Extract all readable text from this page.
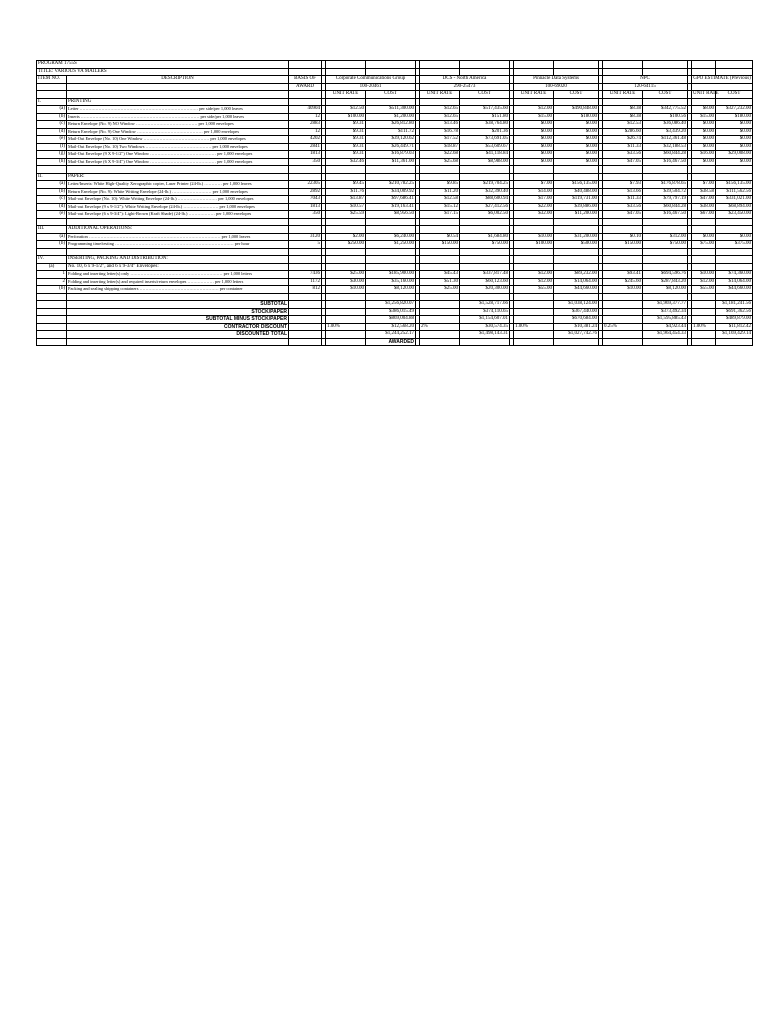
PROGRAM 1755S																	
TITLE: VARIOUS VA MAILERS																	
ITEM NO.	DESCRIPTION	BASIS OF		Corporate Communications Group			DCS - North America			Pinnacle Data Systems			NPC			GPO ESTIMATE (Previous)	
		AWARD		100-20461			290-25473			100-69020			120-64115				
				UNIT RATE	COST		UNIT RATE	COST		UNIT RATE	COST		UNIT RATE	COST		UNIT RATE	COST
I.	PRINTING																
(a)	Letter ……………………………………………………………………… per side/per 1,000 leaves	40904		$12.50	$511,300.00		$12.65	$517,435.60		$12.00	$490,848.00		$8.38	$342,775.52		$8.00	$327,232.00
(b)	Inserts ……………………………………………………………………… per side/per 1,000 leaves	12		$100.00	$1,200.00		$12.65	$151.80		$15.00	$180.00		$8.38	$100.56		$15.00	$180.00
(c)	Return Envelope (No. 9) NO Window …………………………………… per 1,000 envelopes	2883		$9.31	$26,812.80		$13.46	$38,764.80		$0.00	$0.00		$12.53	$36,086.40		$0.00	$0.00
(d)	Return Envelope (No. 9) One Window ……………………………………… per 1,000 envelopes	12		$9.31	$111.72		$16.78	$201.36		$0.00	$0.00		$286.60	$3,439.20		$0.00	$0.00
(e)	Mail-Out Envelope (No. 10) One Window ……………………………………… per 1,000 envelopes	4202		$9.31	$39,120.62		$17.52	$73,691.05		$0.00	$0.00		$26.74	$112,361.48		$0.00	$0.00
(f)	Mail-Out Envelope (No. 10) Two Windows ……………………………………… per 1,000 envelopes	2841		$9.31	$26,449.71		$18.87	$53,609.67		$0.00	$0.00		$11.33	$32,188.53		$0.00	$0.00
(g)	Mail-Out Envelope (9 X 9-1/2") One Window ……………………………………… per 1,000 envelopes	1813		$9.31	$16,879.03		$22.68	$41,118.84		$0.00	$0.00		$33.56	$60,844.28		$16.00	$29,008.00
(h)	Mail-Out Envelope (6 X 9-3/4") One Window ……………………………………… per 1,000 envelopes	350		$32.46	$11,361.00		$25.68	$8,988.00		$0.00	$0.00		$47.05	$16,467.50		$0.00	$0.00

II.	PAPER:																
(a)	Letter/Inserts: White High-Quality Xerographic copier, Laser Printer (24-lb.) ………… per 1,000 leaves	22305		$9.45	$210,782.25		$9.85	$219,704.25		$7.00	$156,135.00		$7.93	$176,878.65		$7.00	$156,135.00
(b)	Return Envelope (No. 9): White Writing Envelope (24-lb.) ……………………… per 1,000 envelopes	2892		$11.76	$34,009.92		$11.20	$32,390.40		$14.00	$40,488.00		$13.66	$39,504.72		$38.58	$111,562.56
(c)	Mail-out Envelope (No. 10): White Writing Envelope (24-lb.) ……………………… per 1,000 envelopes	7043		$13.87	$97,686.41		$12.58	$88,600.94		$17.00	$119,731.00		$11.33	$79,797.19		$47.00	$331,021.00
(d)	Mail-out Envelope (9 x 9-1/2"): White Writing Envelope (24-lb.) …………………… per 1,000 envelopes	1813		$10.57	$19,163.41		$15.12	$27,412.56		$22.00	$39,886.00		$33.56	$60,844.28		$38.00	$68,894.00
(e)	Mail-out Envelope (6 x 9-3/4"): Light-Brown (Kraft Shade) (24-lb.) ……………… per 1,000 envelopes	350		$25.59	$8,956.50		$17.15	$6,002.50		$32.00	$11,200.00		$47.05	$16,467.50		$67.00	$23,450.00

III.	ADDITIONAL OPERATIONS:																
(a)	Perforation ……………………………………………………………………………… per 1,000 leaves	3120		$2.00	$6,240.00		$0.54	$1,684.80		$10.00	$31,200.00		$0.10	$312.00		$0.00	$0.00
(b)	Programming time/testing ……………………………………………………………………… per hour	5		$250.00	$1,250.00		$150.00	$750.00		$100.00	$500.00		$150.00	$750.00		$75.00	$375.00

IV.	INSERTING, PACKING AND DISTRIBUTION:																
(a)	No. 10, 6 x 9-1/2", and 6 x 9-3/4" Envelopes:																
1	Folding and inserting letter(s) only ……………………………………………………… per 1,000 letters	7436		$25.00	$185,900.00		$45.43	$337,817.48		$12.00	$89,232.00		$93.41	$694,596.76		$10.00	$74,360.00
2	Folding and inserting letter(s) and required inserts/return envelopes ……………… per 1,000 letters	1172		$30.00	$35,160.00		$51.30	$60,123.60		$12.00	$14,064.00		$245.60	$287,843.20		$12.00	$14,064.00
(b)	Packing and sealing shipping containers ……………………………………………… per container	812		$10.00	$8,120.00		$25.00	$20,300.00		$55.00	$44,660.00		$10.00	$8,120.00		$55.00	$44,660.00

	SUBTOTAL				$1,256,820.07			$1,528,717.66			$1,038,124.00			$1,969,377.77			$1,181,241.56
	STOCK/PAPER				$386,015.49			$374,110.65			$367,440.00			$373,492.34			$691,362.56
	SUBTOTAL MINUS STOCK/PAPER				$869,004.88			$1,154,607.01			$670,684.00			$1,595,885.43			$489,879.00
	CONTRACTOR DISCOUNT			1.00%	$12,568.20		2%	$30,574.35		1.00%	$10,381.24		0.25%	$4,923.44		1.00%	$11,812.42
	DISCOUNTED TOTAL				$1,244,252.17			$1,498,143.31			$1,027,742.76			$1,964,454.33			$1,169,429.14
					AWARDED												
